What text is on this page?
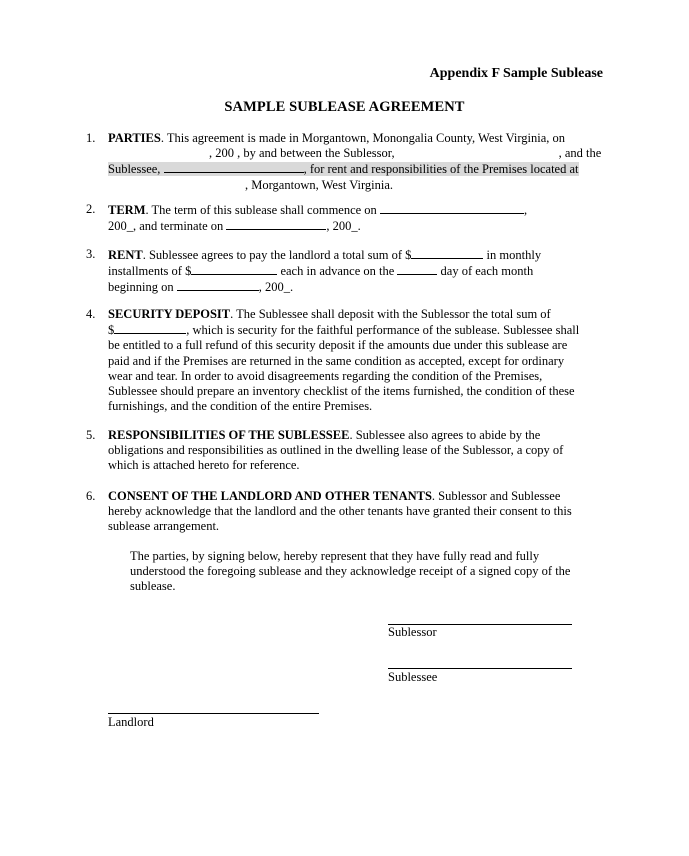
Appendix F Sample Sublease
SAMPLE SUBLEASE AGREEMENT
1. PARTIES. This agreement is made in Morgantown, Monongalia County, West Virginia, on
, 200 , by and between the Sublessor,	, and the
Sublessee,	, for rent and responsibilities of the Premises located at
, Morgantown, West Virginia.
2. TERM. The term of this sublease shall commence on	,
200_, and terminate on	, 200_.
3. RENT. Sublessee agrees to pay the landlord a total sum of $	in monthly
installments of $	each in advance on the	day of each month
beginning on	, 200_.
4. SECURITY DEPOSIT. The Sublessee shall deposit with the Sublessor the total sum of
$	, which is security for the faithful performance of the sublease. Sublessee shall
be entitled to a full refund of this security deposit if the amounts due under this sublease are
paid and if the Premises are returned in the same condition as accepted, except for ordinary
wear and tear. In order to avoid disagreements regarding the condition of the Premises,
Sublessee should prepare an inventory checklist of the items furnished, the condition of these
furnishings, and the condition of the entire Premises.
5. RESPONSIBILITIES OF THE SUBLESSEE. Sublessee also agrees to abide by the
obligations and responsibilities as outlined in the dwelling lease of the Sublessor, a copy of
which is attached hereto for reference.
6. CONSENT OF THE LANDLORD AND OTHER TENANTS. Sublessor and Sublessee
hereby acknowledge that the landlord and the other tenants have granted their consent to this
sublease arrangement.
The parties, by signing below, hereby represent that they have fully read and fully
understood the foregoing sublease and they acknowledge receipt of a signed copy of the
sublease.
Sublessor
Sublessee
Landlord
